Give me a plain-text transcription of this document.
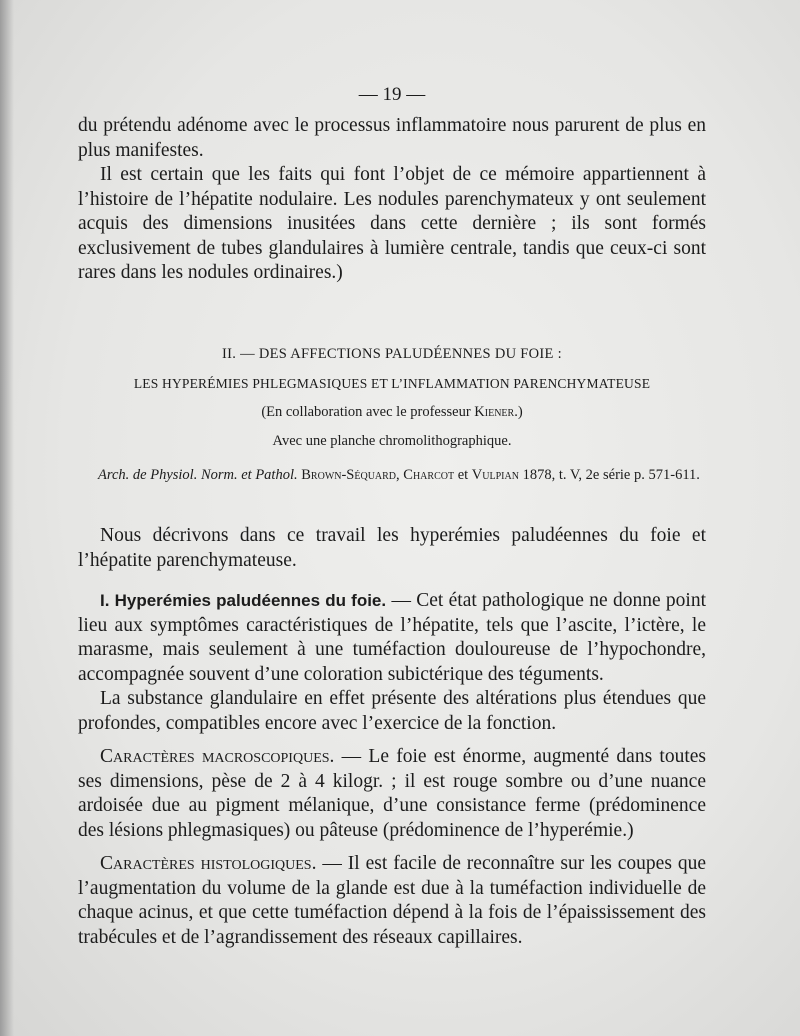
— 19 —

du prétendu adénome avec le processus inflammatoire nous parurent de plus en plus manifestes.

Il est certain que les faits qui font l’objet de ce mémoire appartiennent à l’histoire de l’hépatite nodulaire. Les nodules parenchymateux y ont seulement acquis des dimensions inusitées dans cette dernière ; ils sont formés exclusivement de tubes glandulaires à lumière centrale, tandis que ceux-ci sont rares dans les nodules ordinaires.)

II. — DES AFFECTIONS PALUDÉENNES DU FOIE :

LES HYPERÉMIES PHLEGMASIQUES ET L’INFLAMMATION PARENCHYMATEUSE

(En collaboration avec le professeur Kiener.)

Avec une planche chromolithographique.

Arch. de Physiol. Norm. et Pathol. Brown-Séquard, Charcot et Vulpian 1878, t. V, 2e série p. 571-611.

Nous décrivons dans ce travail les hyperémies paludéennes du foie et l’hépatite parenchymateuse.

I. Hyperémies paludéennes du foie. — Cet état pathologique ne donne point lieu aux symptômes caractéristiques de l’hépatite, tels que l’ascite, l’ictère, le marasme, mais seulement à une tuméfaction douloureuse de l’hypochondre, accompagnée souvent d’une coloration subictérique des téguments.

La substance glandulaire en effet présente des altérations plus étendues que profondes, compatibles encore avec l’exercice de la fonction.

Caractères macroscopiques. — Le foie est énorme, augmenté dans toutes ses dimensions, pèse de 2 à 4 kilogr. ; il est rouge sombre ou d’une nuance ardoisée due au pigment mélanique, d’une consistance ferme (prédominence des lésions phlegmasiques) ou pâteuse (prédominence de l’hyperémie.)

Caractères histologiques. — Il est facile de reconnaître sur les coupes que l’augmentation du volume de la glande est due à la tuméfaction individuelle de chaque acinus, et que cette tuméfaction dépend à la fois de l’épaississement des trabécules et de l’agrandissement des réseaux capillaires.
